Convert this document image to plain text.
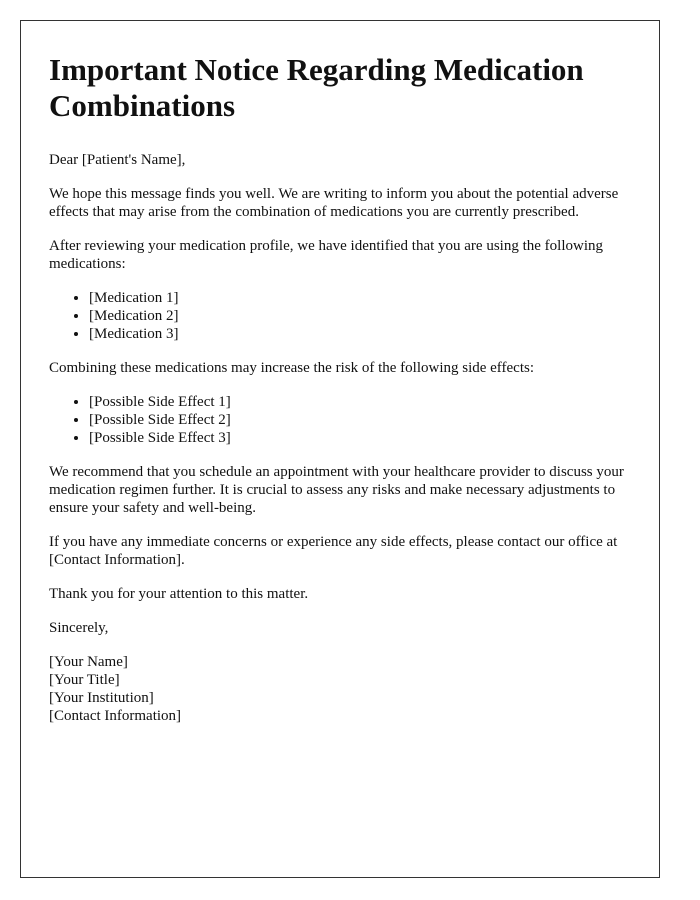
Important Notice Regarding Medication Combinations

Dear [Patient's Name],

We hope this message finds you well. We are writing to inform you about the potential adverse effects that may arise from the combination of medications you are currently prescribed.

After reviewing your medication profile, we have identified that you are using the following medications:

• [Medication 1]
• [Medication 2]
• [Medication 3]

Combining these medications may increase the risk of the following side effects:

• [Possible Side Effect 1]
• [Possible Side Effect 2]
• [Possible Side Effect 3]

We recommend that you schedule an appointment with your healthcare provider to discuss your medication regimen further. It is crucial to assess any risks and make necessary adjustments to ensure your safety and well-being.

If you have any immediate concerns or experience any side effects, please contact our office at [Contact Information].

Thank you for your attention to this matter.

Sincerely,

[Your Name]
[Your Title]
[Your Institution]
[Contact Information]
